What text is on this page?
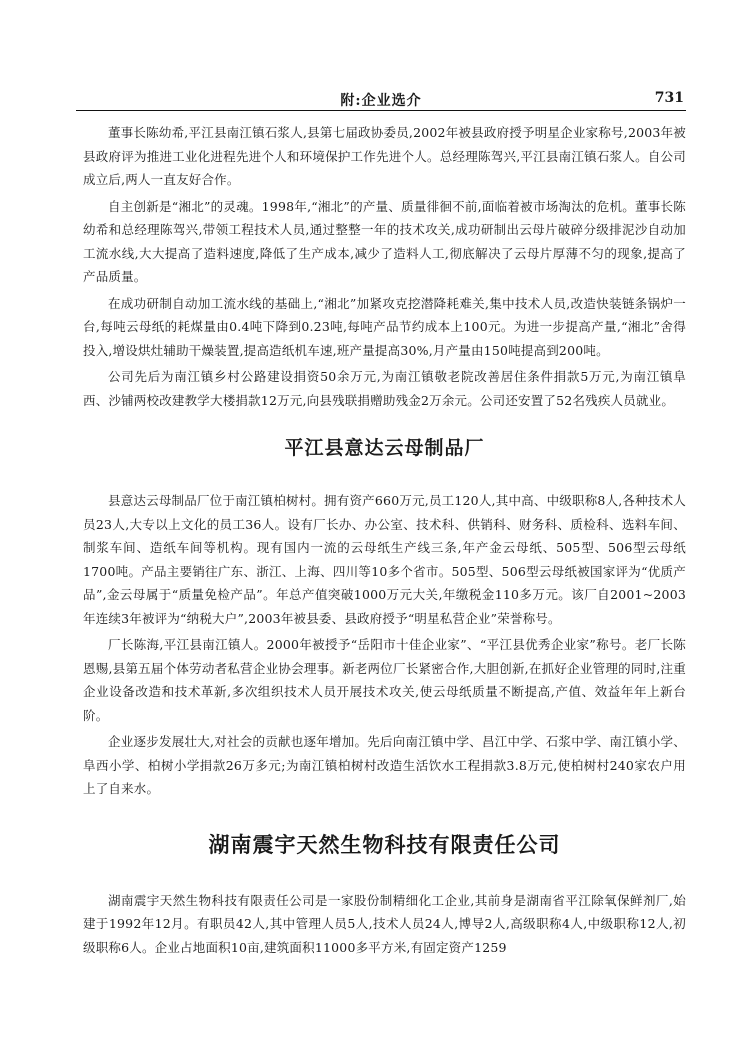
附:企业选介	731

董事长陈幼希,平江县南江镇石浆人,县第七届政协委员,2002年被县政府授予明星企业家称号,2003年被县政府评为推进工业化进程先进个人和环境保护工作先进个人。总经理陈驾兴,平江县南江镇石浆人。自公司成立后,两人一直友好合作。

自主创新是“湘北”的灵魂。1998年,“湘北”的产量、质量徘徊不前,面临着被市场淘汰的危机。董事长陈幼希和总经理陈驾兴,带领工程技术人员,通过整整一年的技术攻关,成功研制出云母片破碎分级排泥沙自动加工流水线,大大提高了造料速度,降低了生产成本,减少了造料人工,彻底解决了云母片厚薄不匀的现象,提高了产品质量。

在成功研制自动加工流水线的基础上,“湘北”加紧攻克挖潜降耗难关,集中技术人员,改造快装链条锅炉一台,每吨云母纸的耗煤量由0.4吨下降到0.23吨,每吨产品节约成本上100元。为进一步提高产量,“湘北”舍得投入,增设烘灶辅助干燥装置,提高造纸机车速,班产量提高30%,月产量由150吨提高到200吨。

公司先后为南江镇乡村公路建设捐资50余万元,为南江镇敬老院改善居住条件捐款5万元,为南江镇阜西、沙铺两校改建教学大楼捐款12万元,向县残联捐赠助残金2万余元。公司还安置了52名残疾人员就业。

平江县意达云母制品厂

县意达云母制品厂位于南江镇柏树村。拥有资产660万元,员工120人,其中高、中级职称8人,各种技术人员23人,大专以上文化的员工36人。设有厂长办、办公室、技术科、供销科、财务科、质检科、选料车间、制浆车间、造纸车间等机构。现有国内一流的云母纸生产线三条,年产金云母纸、505型、506型云母纸1700吨。产品主要销往广东、浙江、上海、四川等10多个省市。505型、506型云母纸被国家评为“优质产品”,金云母属于“质量免检产品”。年总产值突破1000万元大关,年缴税金110多万元。该厂自2001~2003年连续3年被评为“纳税大户”,2003年被县委、县政府授予“明星私营企业”荣誉称号。

厂长陈海,平江县南江镇人。2000年被授予“岳阳市十佳企业家”、“平江县优秀企业家”称号。老厂长陈恩赐,县第五届个体劳动者私营企业协会理事。新老两位厂长紧密合作,大胆创新,在抓好企业管理的同时,注重企业设备改造和技术革新,多次组织技术人员开展技术攻关,使云母纸质量不断提高,产值、效益年年上新台阶。

企业逐步发展壮大,对社会的贡献也逐年增加。先后向南江镇中学、昌江中学、石浆中学、南江镇小学、阜西小学、柏树小学捐款26万多元;为南江镇柏树村改造生活饮水工程捐款3.8万元,使柏树村240家农户用上了自来水。

湖南震宇天然生物科技有限责任公司

湖南震宇天然生物科技有限责任公司是一家股份制精细化工企业,其前身是湖南省平江除氧保鲜剂厂,始建于1992年12月。有职员42人,其中管理人员5人,技术人员24人,博导2人,高级职称4人,中级职称12人,初级职称6人。企业占地面积10亩,建筑面积11000多平方米,有固定资产1259
